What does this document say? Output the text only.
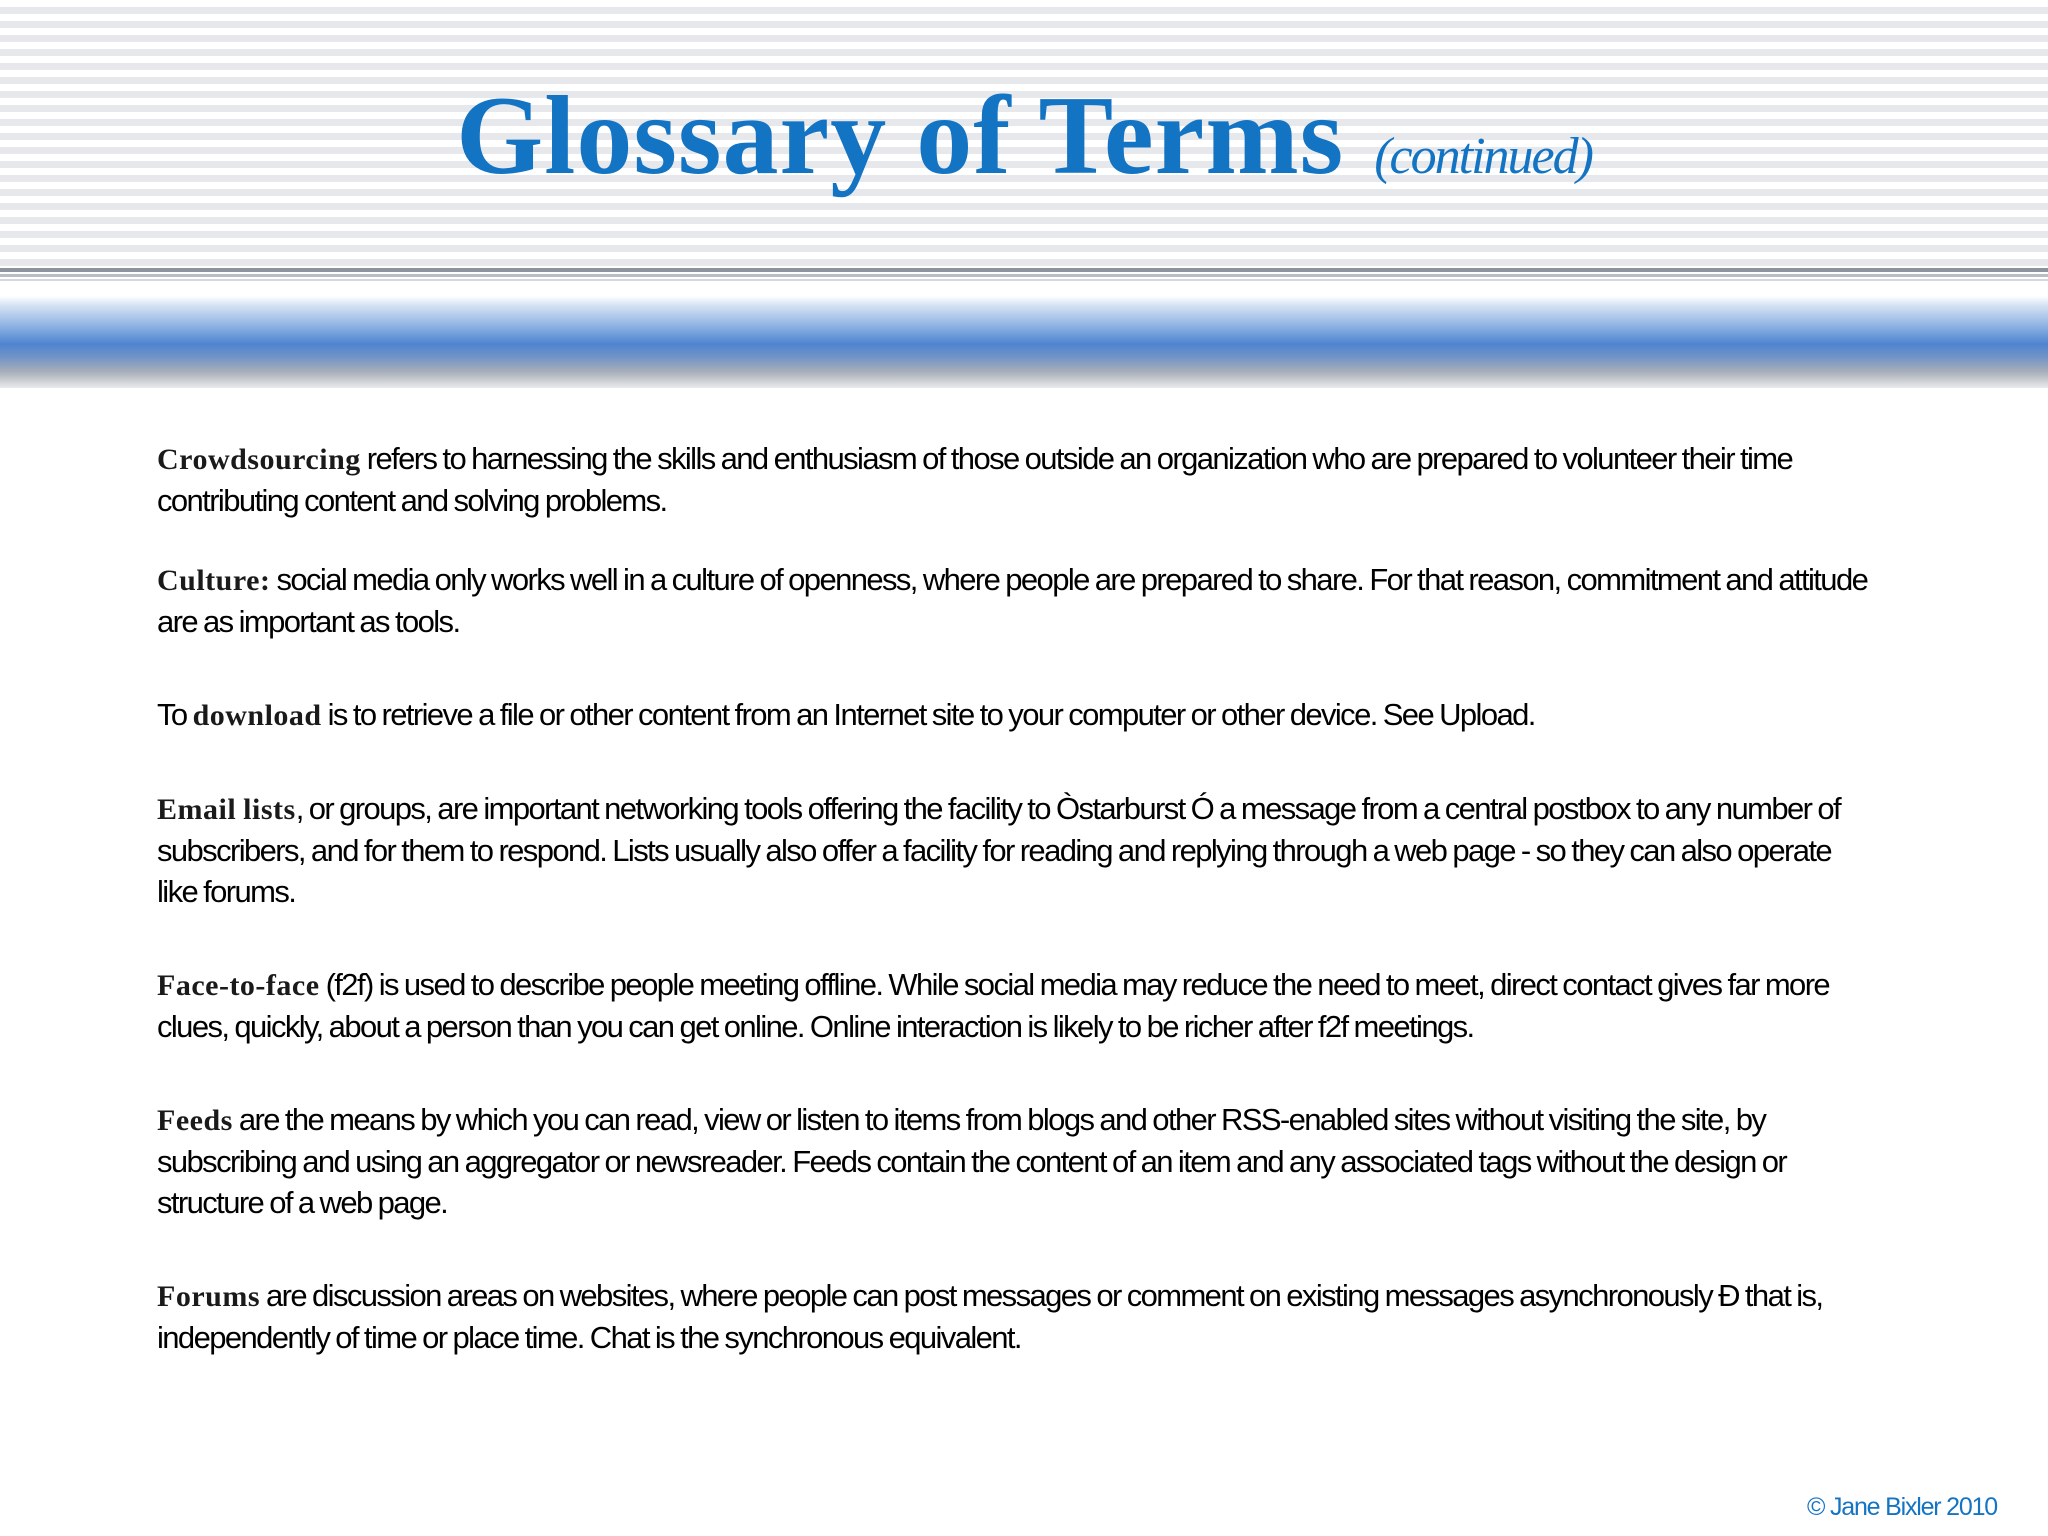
Glossary of Terms (continued)

Crowdsourcing refers to harnessing the skills and enthusiasm of those outside an organization who are prepared to volunteer their time contributing content and solving problems.

Culture: social media only works well in a culture of openness, where people are prepared to share. For that reason, commitment and attitude are as important as tools.

To download is to retrieve a file or other content from an Internet site to your computer or other device. See Upload.

Email lists, or groups, are important networking tools offering the facility to Òstarburst Ó a message from a central postbox to any number of subscribers, and for them to respond. Lists usually also offer a facility for reading and replying through a web page - so they can also operate like forums.

Face-to-face (f2f) is used to describe people meeting offline. While social media may reduce the need to meet, direct contact gives far more clues, quickly, about a person than you can get online. Online interaction is likely to be richer after f2f meetings.

Feeds are the means by which you can read, view or listen to items from blogs and other RSS-enabled sites without visiting the site, by subscribing and using an aggregator or newsreader. Feeds contain the content of an item and any associated tags without the design or structure of a web page.

Forums are discussion areas on websites, where people can post messages or comment on existing messages asynchronously Ð that is, independently of time or place time. Chat is the synchronous equivalent.

© Jane Bixler 2010
